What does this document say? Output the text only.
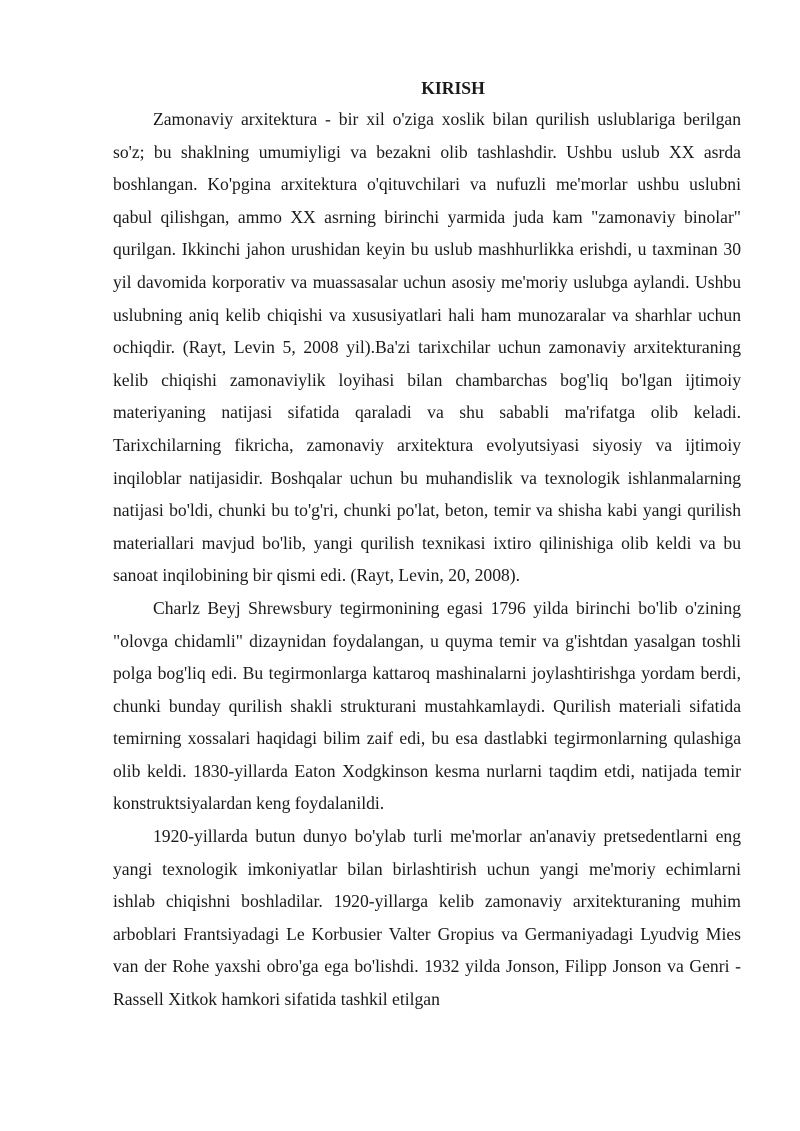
KIRISH

Zamonaviy arxitektura - bir xil o'ziga xoslik bilan qurilish uslublariga berilgan so'z; bu shaklning umumiyligi va bezakni olib tashlashdir. Ushbu uslub XX asrda boshlangan. Ko'pgina arxitektura o'qituvchilari va nufuzli me'morlar ushbu uslubni qabul qilishgan, ammo XX asrning birinchi yarmida juda kam "zamonaviy binolar" qurilgan. Ikkinchi jahon urushidan keyin bu uslub mashhurlikka erishdi, u taxminan 30 yil davomida korporativ va muassasalar uchun asosiy me'moriy uslubga aylandi. Ushbu uslubning aniq kelib chiqishi va xususiyatlari hali ham munozaralar va sharhlar uchun ochiqdir. (Rayt, Levin 5, 2008 yil).Ba'zi tarixchilar uchun zamonaviy arxitekturaning kelib chiqishi zamonaviylik loyihasi bilan chambarchas bog'liq bo'lgan ijtimoiy materiyaning natijasi sifatida qaraladi va shu sababli ma'rifatga olib keladi. Tarixchilarning fikricha, zamonaviy arxitektura evolyutsiyasi siyosiy va ijtimoiy inqiloblar natijasidir. Boshqalar uchun bu muhandislik va texnologik ishlanmalarning natijasi bo'ldi, chunki bu to'g'ri, chunki po'lat, beton, temir va shisha kabi yangi qurilish materiallari mavjud bo'lib, yangi qurilish texnikasi ixtiro qilinishiga olib keldi va bu sanoat inqilobining bir qismi edi. (Rayt, Levin, 20, 2008).

Charlz Beyj Shrewsbury tegirmonining egasi 1796 yilda birinchi bo'lib o'zining "olovga chidamli" dizaynidan foydalangan, u quyma temir va g'ishtdan yasalgan toshli polga bog'liq edi. Bu tegirmonlarga kattaroq mashinalarni joylashtirishga yordam berdi, chunki bunday qurilish shakli strukturani mustahkamlaydi. Qurilish materiali sifatida temirning xossalari haqidagi bilim zaif edi, bu esa dastlabki tegirmonlarning qulashiga olib keldi. 1830-yillarda Eaton Xodgkinson kesma nurlarni taqdim etdi, natijada temir konstruktsiyalardan keng foydalanildi.

1920-yillarda butun dunyo bo'ylab turli me'morlar an'anaviy pretsedentlarni eng yangi texnologik imkoniyatlar bilan birlashtirish uchun yangi me'moriy echimlarni ishlab chiqishni boshladilar. 1920-yillarga kelib zamonaviy arxitekturaning muhim arboblari Frantsiyadagi Le Korbusier Valter Gropius va Germaniyadagi Lyudvig Mies van der Rohe yaxshi obro'ga ega bo'lishdi. 1932 yilda Jonson, Filipp Jonson va Genri - Rassell Xitkok hamkori sifatida tashkil etilgan
